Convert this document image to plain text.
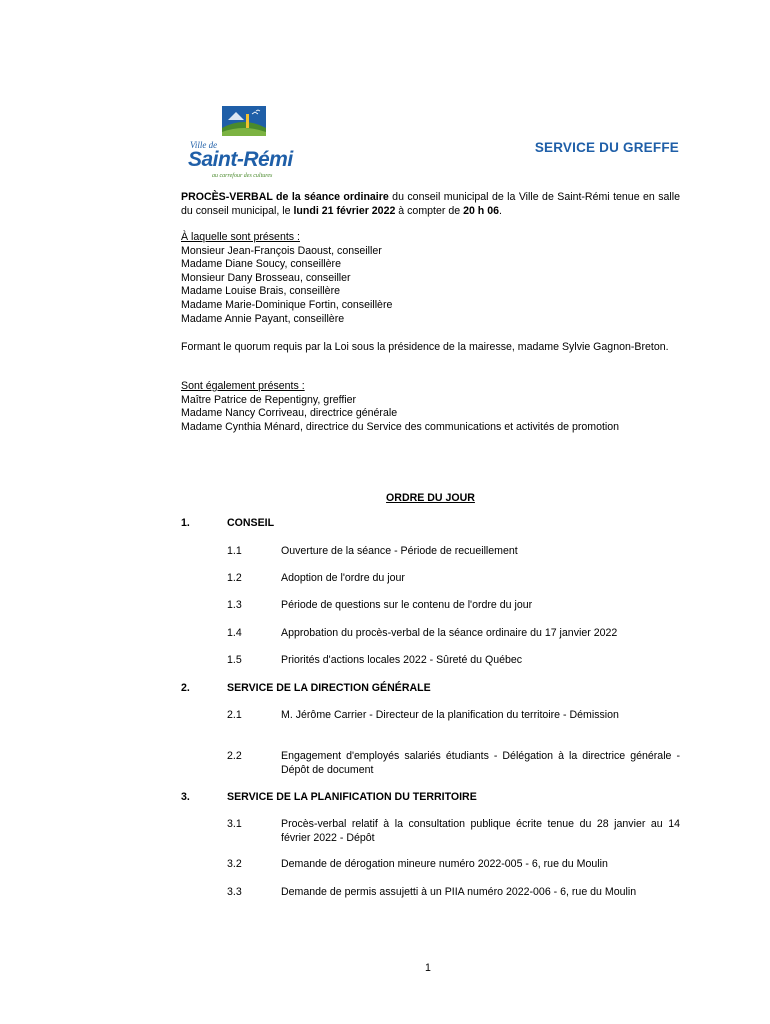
Ville de
Saint-Rémi
au carrefour des cultures
SERVICE DU GREFFE
PROCÈS-VERBAL de la séance ordinaire du conseil municipal de la Ville de Saint-Rémi tenue en salle du conseil municipal, le lundi 21 février 2022 à compter de 20 h 06.
À laquelle sont présents :
Monsieur Jean-François Daoust, conseiller
Madame Diane Soucy, conseillère
Monsieur Dany Brosseau, conseiller
Madame Louise Brais, conseillère
Madame Marie-Dominique Fortin, conseillère
Madame Annie Payant, conseillère
Formant le quorum requis par la Loi sous la présidence de la mairesse, madame Sylvie Gagnon-Breton.
Sont également présents :
Maître Patrice de Repentigny, greffier
Madame Nancy Corriveau, directrice générale
Madame Cynthia Ménard, directrice du Service des communications et activités de promotion
ORDRE DU JOUR
1.	CONSEIL
1.1	Ouverture de la séance - Période de recueillement
1.2	Adoption de l'ordre du jour
1.3	Période de questions sur le contenu de l'ordre du jour
1.4	Approbation du procès-verbal de la séance ordinaire du 17 janvier 2022
1.5	Priorités d'actions locales 2022 - Sûreté du Québec
2.	SERVICE DE LA DIRECTION GÉNÉRALE
2.1	M. Jérôme Carrier - Directeur de la planification du territoire - Démission
2.2	Engagement d'employés salariés étudiants - Délégation à la directrice générale - Dépôt de document
3.	SERVICE DE LA PLANIFICATION DU TERRITOIRE
3.1	Procès-verbal relatif à la consultation publique écrite tenue du 28 janvier au 14 février 2022 - Dépôt
3.2	Demande de dérogation mineure numéro 2022-005 - 6, rue du Moulin
3.3	Demande de permis assujetti à un PIIA numéro 2022-006 - 6, rue du Moulin
1
